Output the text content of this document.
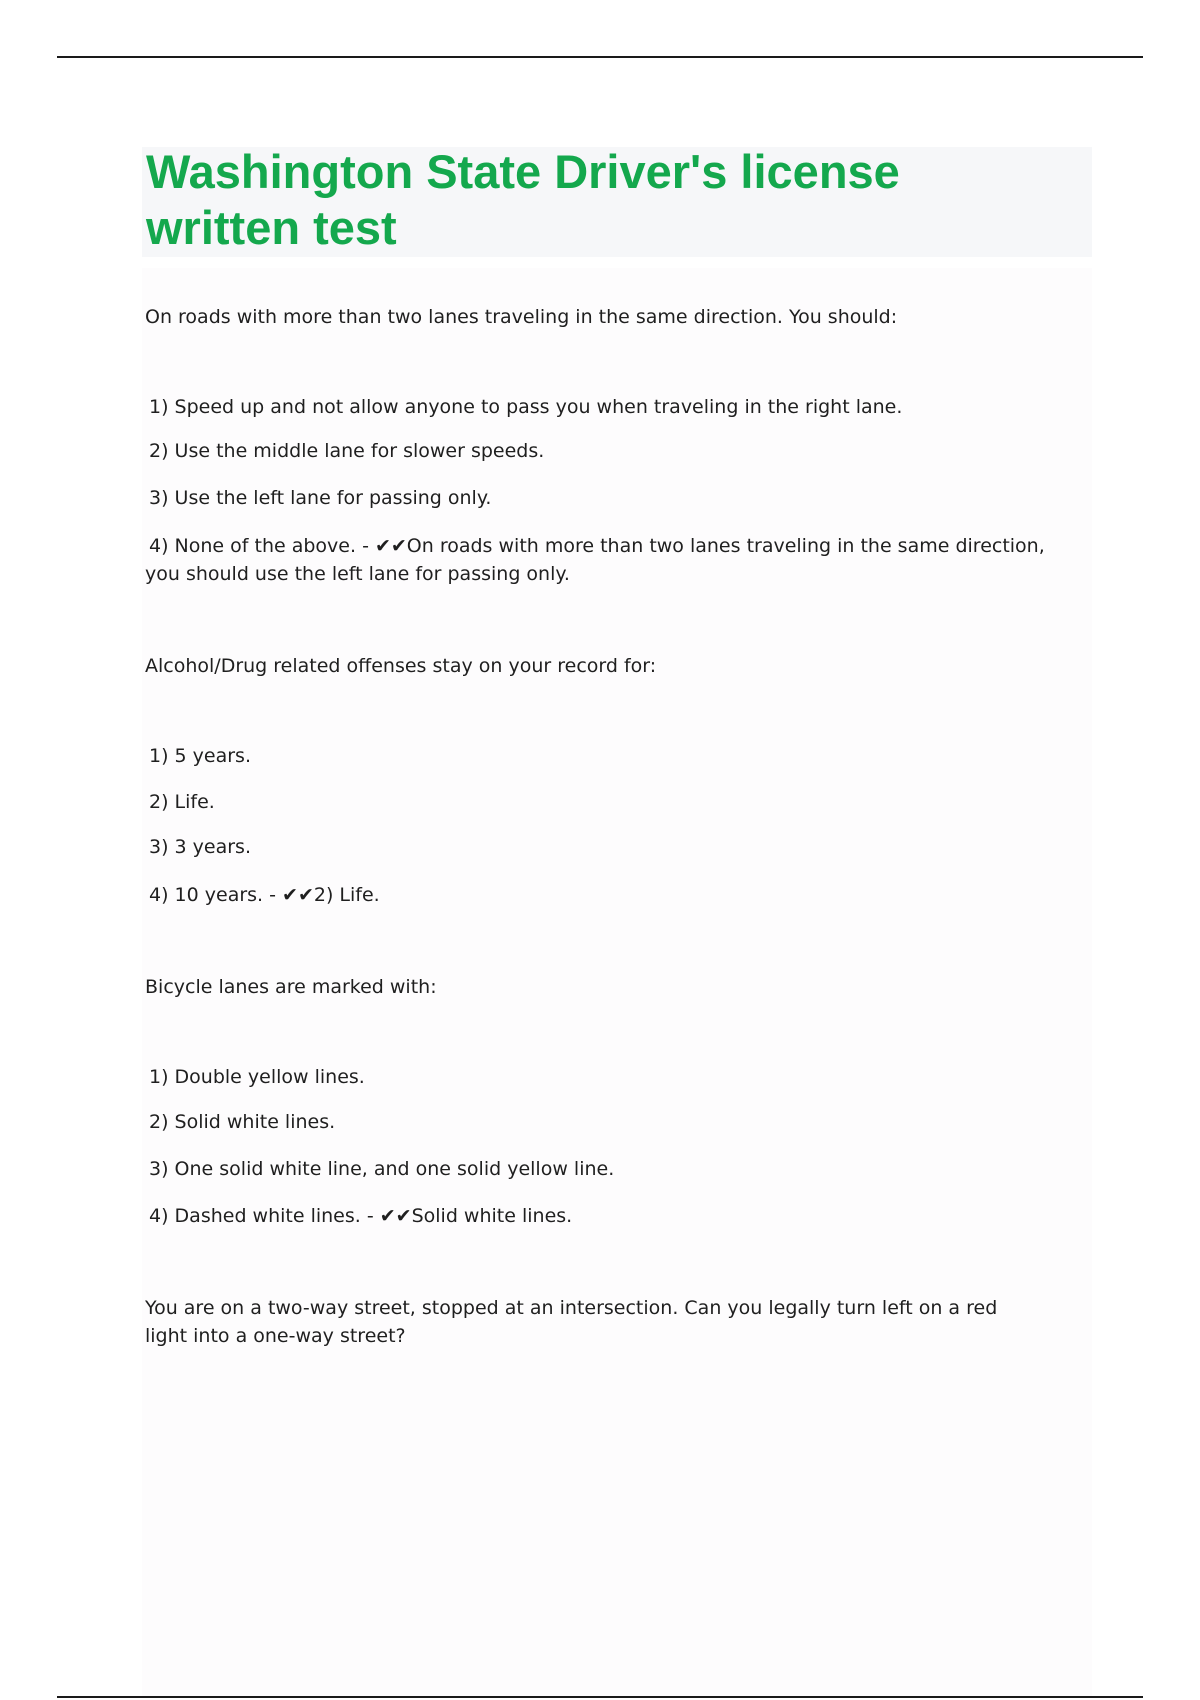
Washington State Driver's license written test

On roads with more than two lanes traveling in the same direction. You should:

1) Speed up and not allow anyone to pass you when traveling in the right lane.

2) Use the middle lane for slower speeds.

3) Use the left lane for passing only.

4) None of the above. - ✔✔On roads with more than two lanes traveling in the same direction, you should use the left lane for passing only.

Alcohol/Drug related offenses stay on your record for:

1) 5 years.

2) Life.

3) 3 years.

4) 10 years. - ✔✔2) Life.

Bicycle lanes are marked with:

1) Double yellow lines.

2) Solid white lines.

3) One solid white line, and one solid yellow line.

4) Dashed white lines. - ✔✔Solid white lines.

You are on a two-way street, stopped at an intersection. Can you legally turn left on a red light into a one-way street?
